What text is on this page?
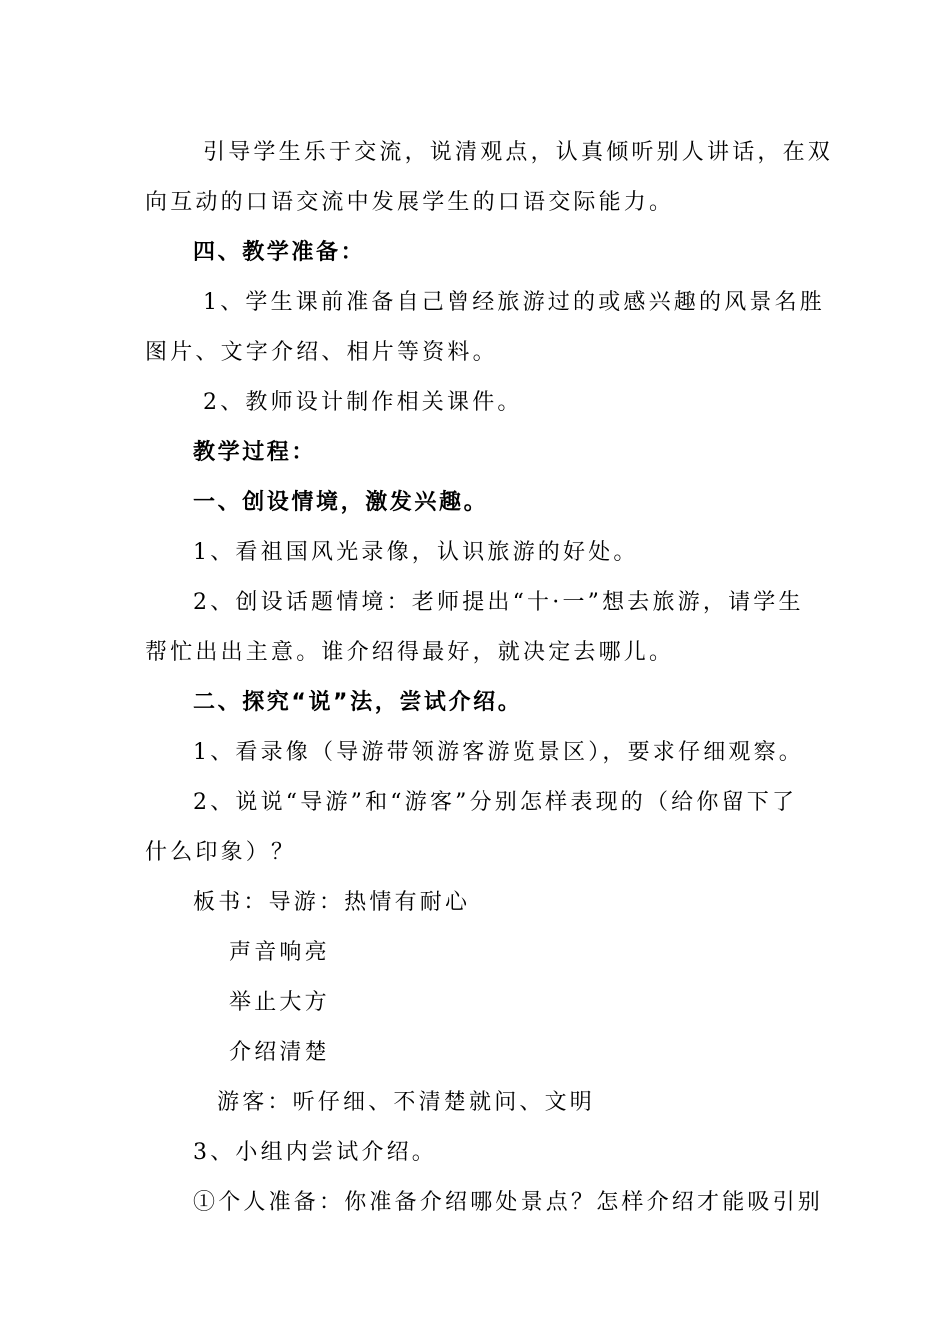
引导学生乐于交流，说清观点，认真倾听别人讲话，在双
向互动的口语交流中发展学生的口语交际能力。
四、教学准备：
1、学生课前准备自己曾经旅游过的或感兴趣的风景名胜
图片、文字介绍、相片等资料。
2、教师设计制作相关课件。
教学过程：
一、创设情境，激发兴趣。
1、看祖国风光录像，认识旅游的好处。
2、创设话题情境：老师提出“十·一”想去旅游，请学生
帮忙出出主意。谁介绍得最好，就决定去哪儿。
二、探究“说”法，尝试介绍。
1、看录像（导游带领游客游览景区），要求仔细观察。
2、说说“导游”和“游客”分别怎样表现的（给你留下了
什么印象）？
板书：导游：热情有耐心
声音响亮
举止大方
介绍清楚
游客：听仔细、不清楚就问、文明
3、小组内尝试介绍。
①个人准备：你准备介绍哪处景点？怎样介绍才能吸引别
